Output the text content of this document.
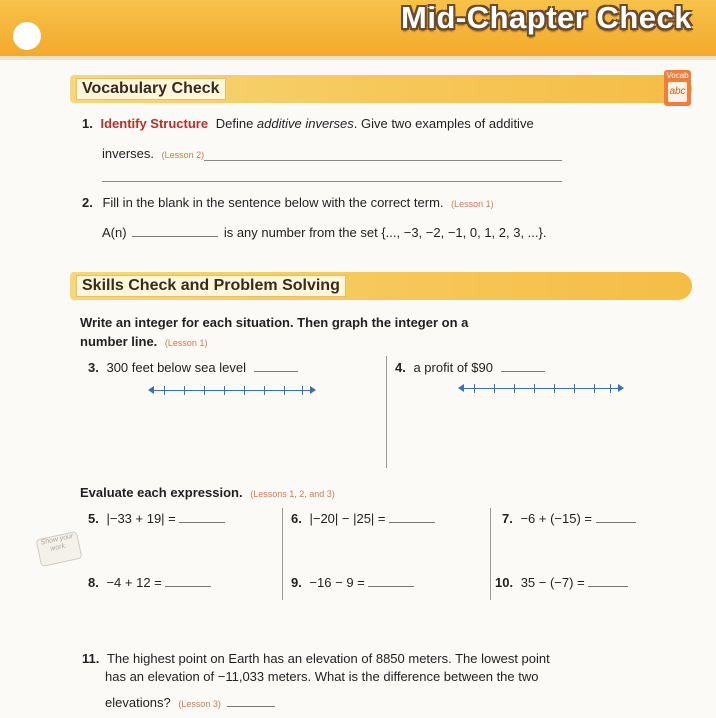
Mid-Chapter Check
Vocabulary Check
Vocab
abc
1. Identify Structure Define additive inverses. Give two examples of additive
inverses. (Lesson 2)
2. Fill in the blank in the sentence below with the correct term. (Lesson 1)
A(n)	is any number from the set {..., −3, −2, −1, 0, 1, 2, 3, ...}.
Skills Check and Problem Solving
Write an integer for each situation. Then graph the integer on a
number line. (Lesson 1)
3. 300 feet below sea level	4. a profit of $90
Evaluate each expression. (Lessons 1, 2, and 3)
Show your work.
5. |−33 + 19| =	6. |−20| − |25| =	7. −6 + (−15) =
8. −4 + 12 =	9. −16 − 9 =	10. 35 − (−7) =
11. The highest point on Earth has an elevation of 8850 meters. The lowest point
has an elevation of −11,033 meters. What is the difference between the two
elevations? (Lesson 3)
